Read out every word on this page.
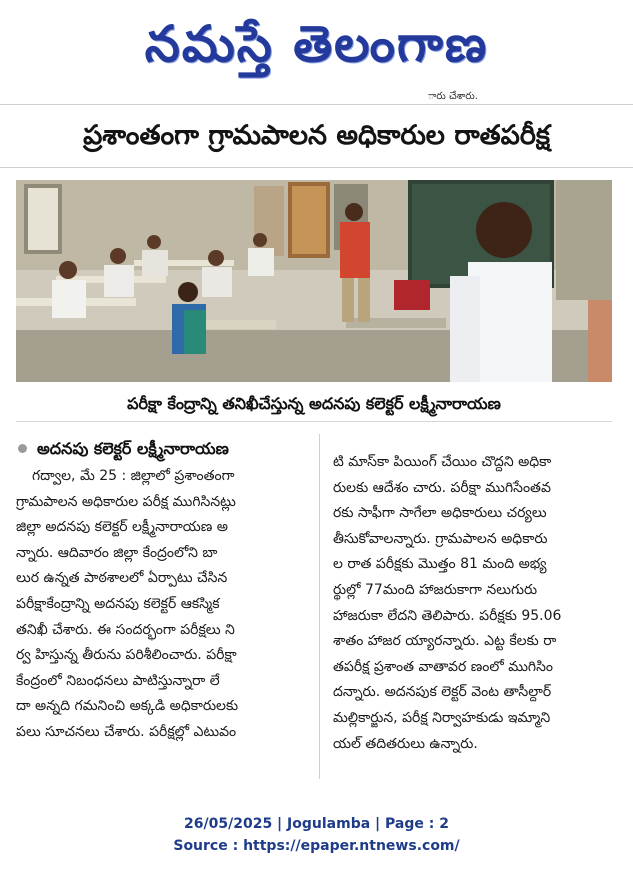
నమస్తే తెలంగాణ
ారు చేశారు.
ప్రశాంతంగా గ్రామపాలన అధికారుల రాతపరీక్ష
పరీక్షా కేంద్రాన్ని తనిఖీచేస్తున్న అదనపు కలెక్టర్ లక్ష్మీనారాయణ
అదనపు కలెక్టర్ లక్ష్మీనారాయణ
గద్వాల, మే 25 : జిల్లాలో ప్రశాంతంగా
గ్రామపాలన అధికారుల పరీక్ష ముగిసినట్లు
జిల్లా అదనపు కలెక్టర్ లక్ష్మీనారాయణ అ
న్నారు. ఆదివారం జిల్లా కేంద్రంలోని బా
లుర ఉన్నత పాఠశాలలో ఏర్పాటు చేసిన
పరీక్షాకేంద్రాన్ని అదనపు కలెక్టర్ ఆకస్మిక
తనిఖీ చేశారు. ఈ సందర్భంగా పరీక్షలు ని
ర్వ హిస్తున్న తీరును పరిశీలించారు. పరీక్షా
కేంద్రంలో నిబంధనలు పాటిస్తున్నారా లే
దా అన్నది గమనించి అక్కడి అధికారులకు
పలు సూచనలు చేశారు. పరీక్షల్లో ఎటువం
టి మాస్‌కా పియింగ్ చేయిం చొద్దని అధికా
రులకు ఆదేశం చారు. పరీక్షా ముగిసేంతవ
రకు సాఫీగా సాగేలా అధికారులు చర్యలు
తీసుకోవాలన్నారు. గ్రామపాలన అధికారు
ల రాత పరీక్షకు మొత్తం 81 మంది అభ్య
ర్థుల్లో 77మంది హాజరుకాగా నలుగురు
హాజరుకా లేదని తెలిపారు. పరీక్షకు 95.06
శాతం హాజర య్యారన్నారు. ఎట్ట కేలకు రా
తపరీక్ష ప్రశాంత వాతావర ణంలో ముగిసిం
దన్నారు. అదనపుక లెక్టర్ వెంట తాసీల్దార్
మల్లికార్జున, పరీక్ష నిర్వాహకుడు ఇమ్మాని
యల్ తదితరులు ఉన్నారు.
26/05/2025 | Jogulamba | Page : 2
Source : https://epaper.ntnews.com/
